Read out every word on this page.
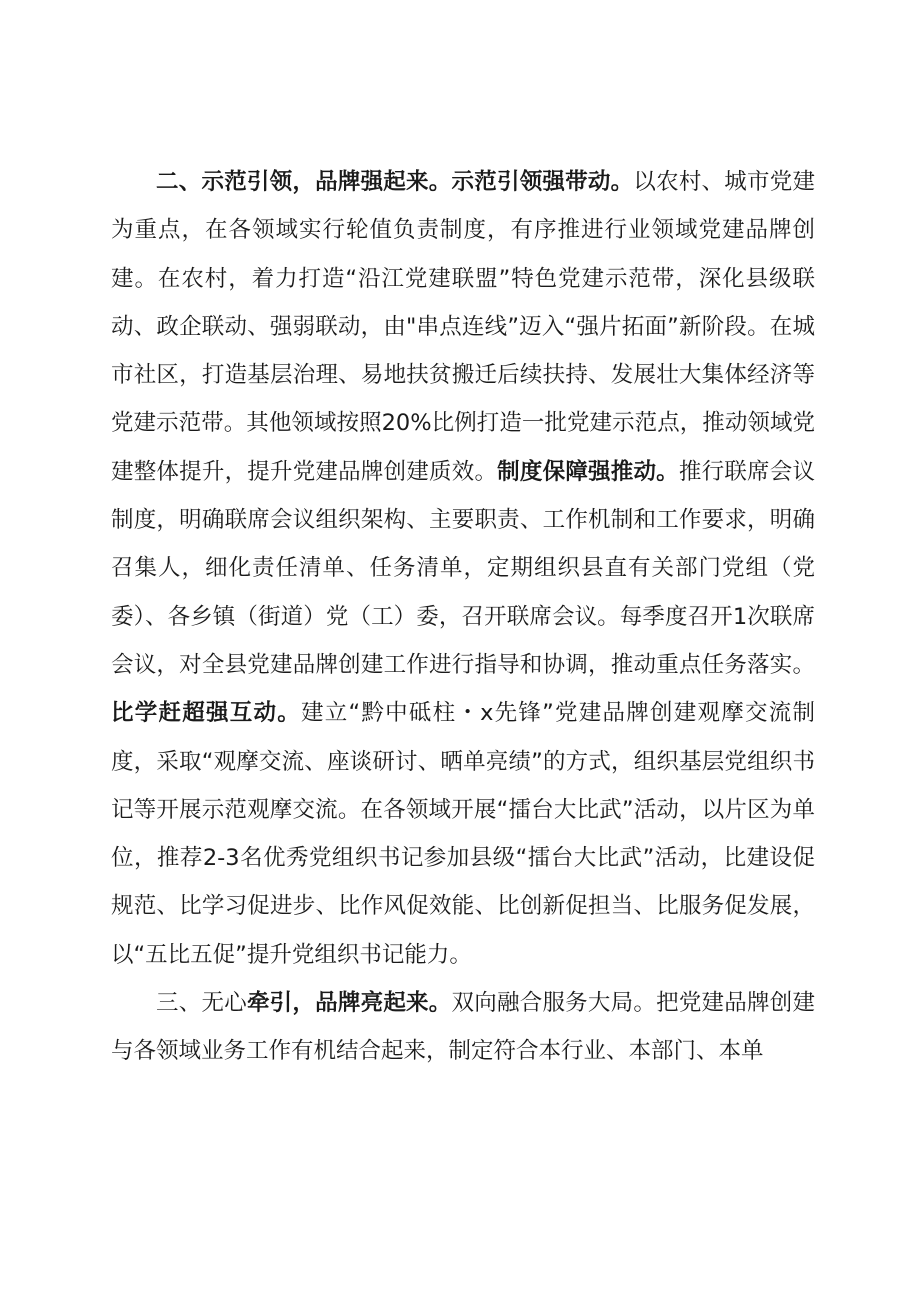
二、示范引领，品牌强起来。示范引领强带动。以农村、城市党建为重点，在各领域实行轮值负责制度，有序推进行业领域党建品牌创建。在农村，着力打造“沿江党建联盟”特色党建示范带，深化县级联动、政企联动、强弱联动，由"串点连线”迈入“强片拓面”新阶段。在城市社区，打造基层治理、易地扶贫搬迁后续扶持、发展壮大集体经济等党建示范带。其他领域按照20%比例打造一批党建示范点，推动领域党建整体提升，提升党建品牌创建质效。制度保障强推动。推行联席会议制度，明确联席会议组织架构、主要职责、工作机制和工作要求，明确召集人，细化责任清单、任务清单，定期组织县直有关部门党组（党委）、各乡镇（街道）党（工）委，召开联席会议。每季度召开1次联席会议，对全县党建品牌创建工作进行指导和协调，推动重点任务落实。比学赶超强互动。建立“黔中砥柱・x先锋”党建品牌创建观摩交流制度，采取“观摩交流、座谈研讨、晒单亮绩”的方式，组织基层党组织书记等开展示范观摩交流。在各领域开展“擂台大比武”活动，以片区为单位，推荐2-3名优秀党组织书记参加县级“擂台大比武”活动，比建设促规范、比学习促进步、比作风促效能、比创新促担当、比服务促发展，以“五比五促”提升党组织书记能力。

三、无心牵引，品牌亮起来。双向融合服务大局。把党建品牌创建与各领域业务工作有机结合起来，制定符合本行业、本部门、本单
